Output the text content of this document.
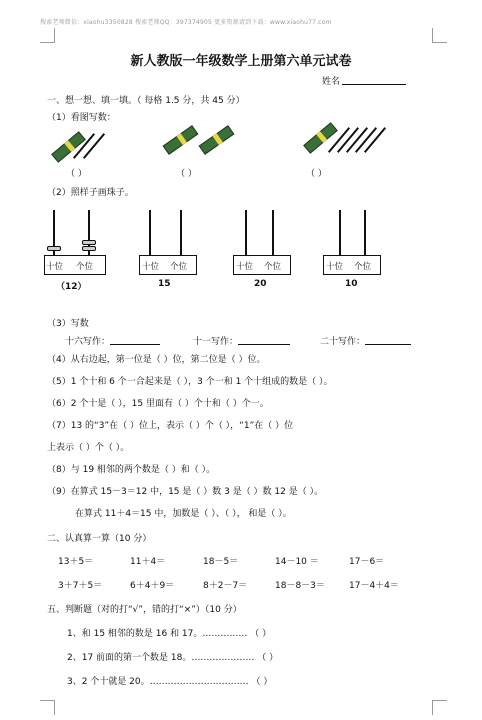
搜索老师微信：xiaohu3350828 搜索老师QQ：397374905 更多资源请到下载：www.xiaohu77.com
新人教版一年级数学上册第六单元试卷
姓名
一、想一想、填一填。（ 每格 1.5 分，共 45 分）
（1）看图写数：
（ ）	（ ）	（ ）
（2）照样子画珠子。
十位 个位	十位 个位	十位 个位	十位 个位
（12）	15	20	10
（3）写数
十六写作：	十一写作：	二十写作：
（4）从右边起，第一位是（ ）位，第二位是（ ）位。
（5）1 个十和 6 个一合起来是（ ），3 个一和 1 个十组成的数是（ ）。
（6）2 个十是（ ），15 里面有（ ）个十和（ ）个一。
（7）13 的“3”在（ ）位上，表示（ ）个（ ），“1”在（ ）位
上表示（ ）个（ ）。
（8）与 19 相邻的两个数是（ ）和（ ）。
（9）在算式 15－3＝12 中，15 是（ ）数 3 是（ ）数 12 是（ ）。
在算式 11＋4＝15 中，加数是（ ）、（ ）， 和是（ ）。
二、认真算一算（10 分）
13＋5＝	11＋4＝	18－5＝	14－10 ＝	17－6＝
3＋7＋5＝	6＋4＋9＝	8＋2－7＝	18－8－3＝	17－4＋4＝
五、判断题（对的打“√”，错的打“×”）（10 分）
1、和 15 相邻的数是 16 和 17。…………… （ ）
2、17 前面的第一个数是 18。………………… （ ）
3、2 个十就是 20。…………………………… （ ）
